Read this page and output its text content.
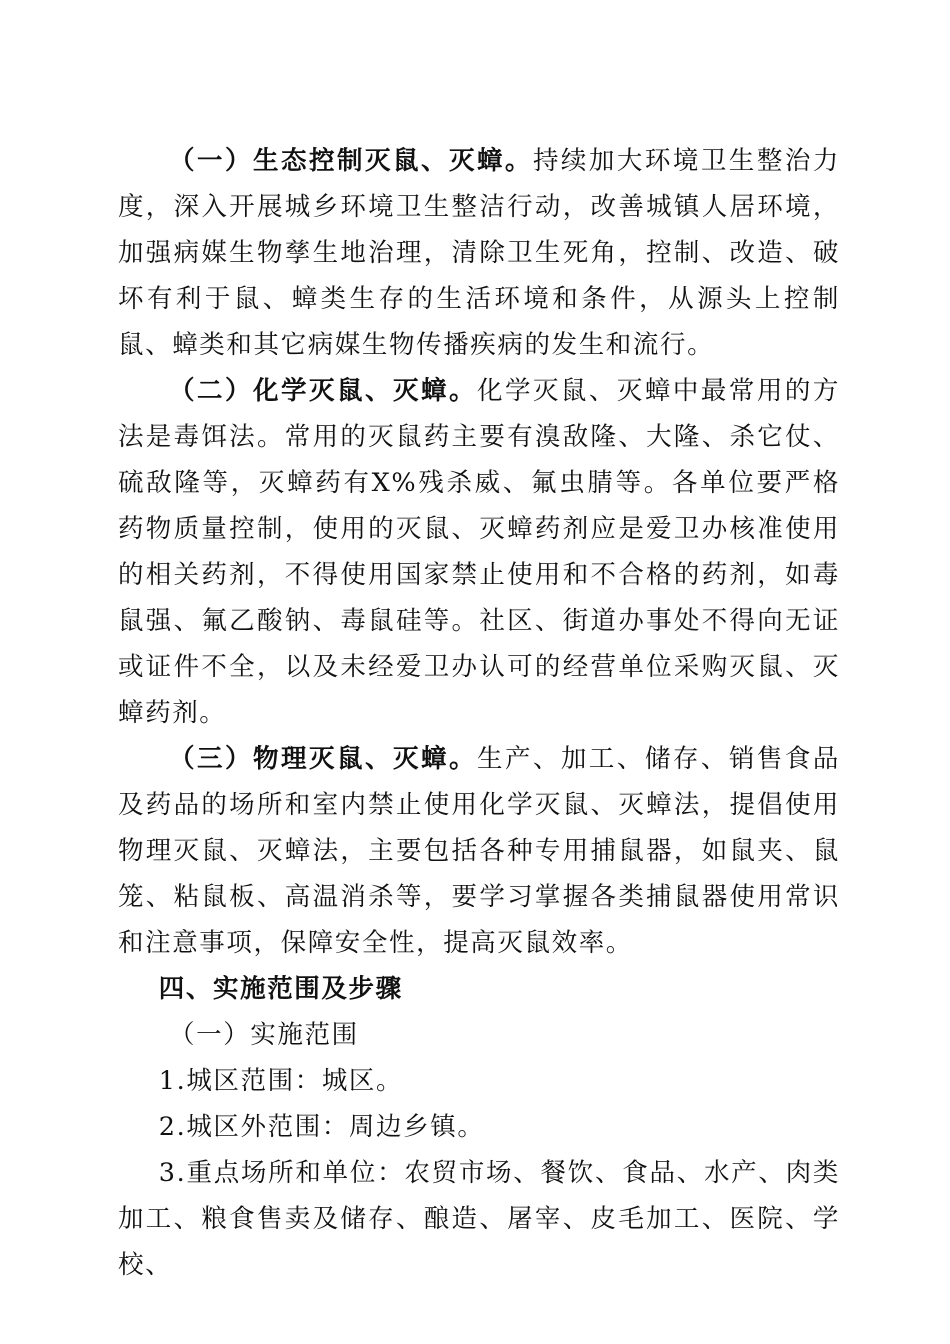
（一）生态控制灭鼠、灭蟑。持续加大环境卫生整治力度，深入开展城乡环境卫生整洁行动，改善城镇人居环境，加强病媒生物孳生地治理，清除卫生死角，控制、改造、破坏有利于鼠、蟑类生存的生活环境和条件，从源头上控制鼠、蟑类和其它病媒生物传播疾病的发生和流行。

（二）化学灭鼠、灭蟑。化学灭鼠、灭蟑中最常用的方法是毒饵法。常用的灭鼠药主要有溴敌隆、大隆、杀它仗、硫敌隆等，灭蟑药有X%残杀威、氟虫腈等。各单位要严格药物质量控制，使用的灭鼠、灭蟑药剂应是爱卫办核准使用的相关药剂，不得使用国家禁止使用和不合格的药剂，如毒鼠强、氟乙酸钠、毒鼠硅等。社区、街道办事处不得向无证或证件不全，以及未经爱卫办认可的经营单位采购灭鼠、灭蟑药剂。

（三）物理灭鼠、灭蟑。生产、加工、储存、销售食品及药品的场所和室内禁止使用化学灭鼠、灭蟑法，提倡使用物理灭鼠、灭蟑法，主要包括各种专用捕鼠器，如鼠夹、鼠笼、粘鼠板、高温消杀等，要学习掌握各类捕鼠器使用常识和注意事项，保障安全性，提高灭鼠效率。

四、实施范围及步骤

（一）实施范围

1.城区范围：城区。

2.城区外范围：周边乡镇。

3.重点场所和单位：农贸市场、餐饮、食品、水产、肉类加工、粮食售卖及储存、酿造、屠宰、皮毛加工、医院、学校、
